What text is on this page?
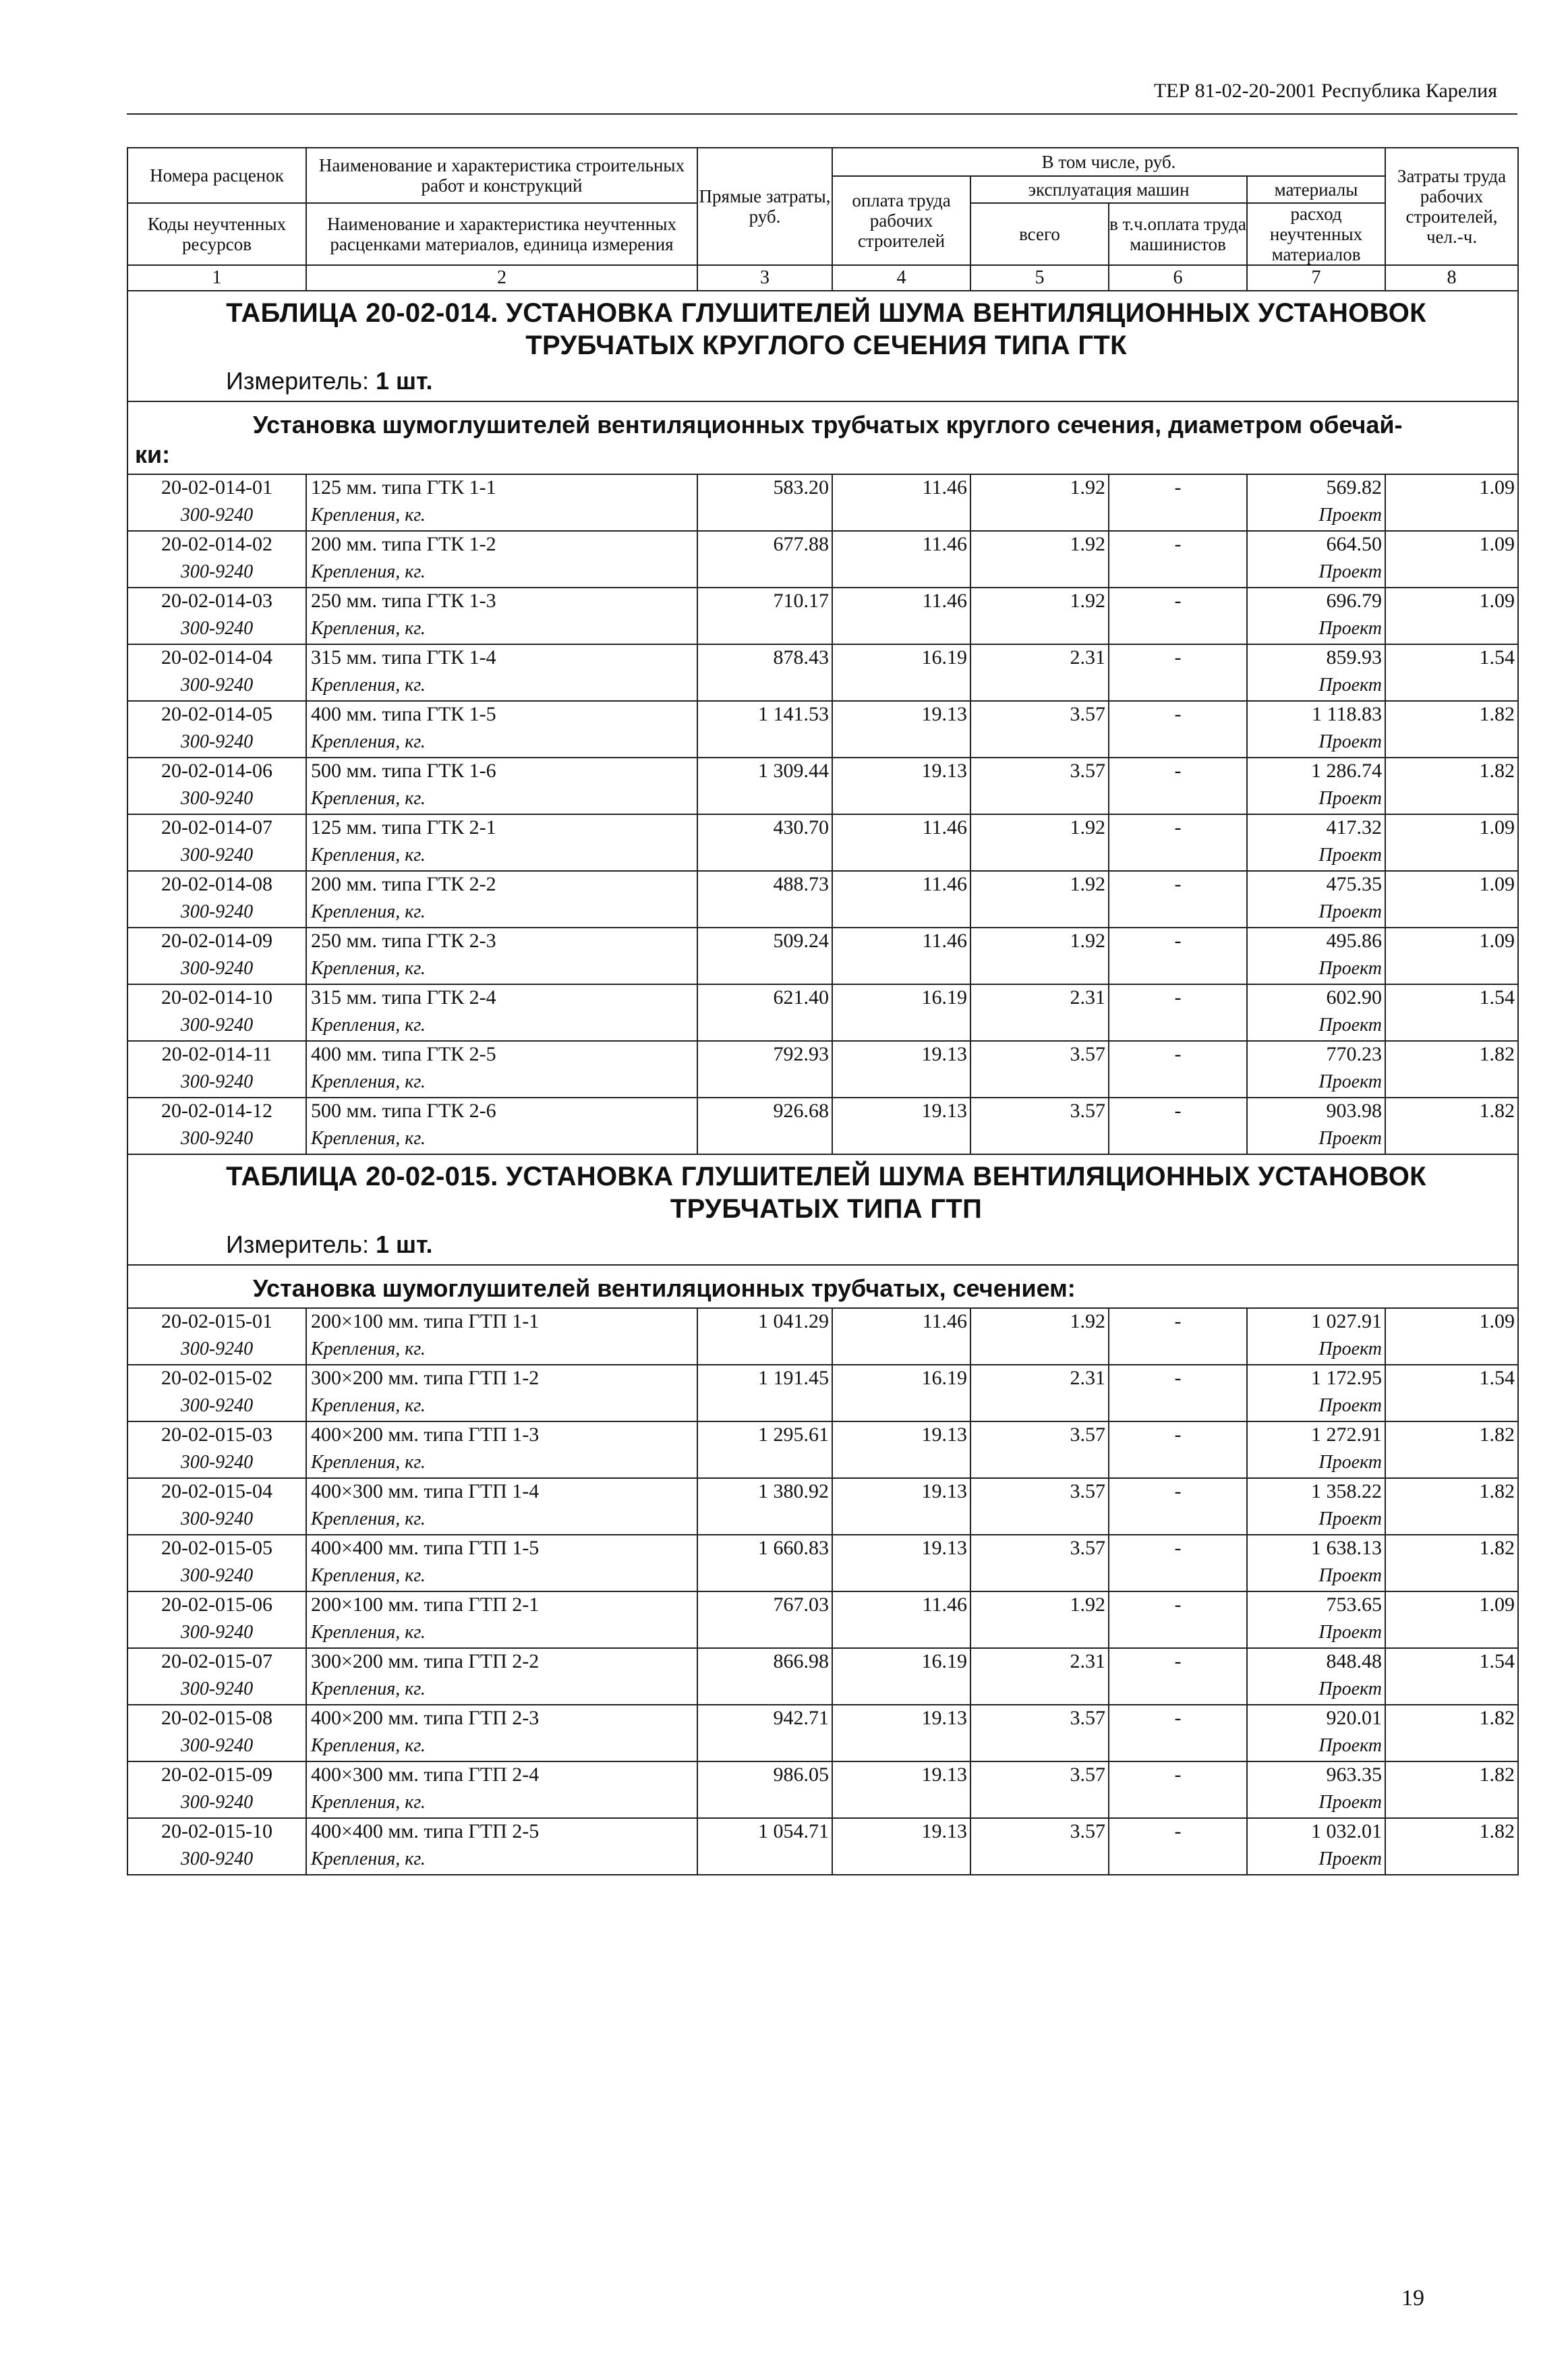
ТЕР 81-02-20-2001 Республика Карелия
Номера расценок	Наименование и характеристика строительных работ и конструкций	Прямые затраты, руб.	В том числе, руб.				Затраты труда рабочих строителей, чел.-ч.
			оплата труда рабочих строителей	эксплуатация машин		материалы	
Коды неучтенных ресурсов	Наименование и характеристика неучтенных расценками материалов, единица измерения			всего	в т.ч.оплата труда машинистов	расход неучтенных материалов	

1	2	3	4	5	6	7	8

ТАБЛИЦА 20-02-014. УСТАНОВКА ГЛУШИТЕЛЕЙ ШУМА ВЕНТИЛЯЦИОННЫХ УСТАНОВОК ТРУБЧАТЫХ КРУГЛОГО СЕЧЕНИЯ ТИПА ГТК
Измеритель: 1 шт.							

Установка шумоглушителей вентиляционных трубчатых круглого сечения, диаметром обечай-
ки:							

20-02-014-01	125 мм. типа ГТК 1-1	583.20	11.46	1.92	-	569.82	1.09
300-9240	Крепления, кг.					Проект	
20-02-014-02	200 мм. типа ГТК 1-2	677.88	11.46	1.92	-	664.50	1.09
300-9240	Крепления, кг.					Проект	
20-02-014-03	250 мм. типа ГТК 1-3	710.17	11.46	1.92	-	696.79	1.09
300-9240	Крепления, кг.					Проект	
20-02-014-04	315 мм. типа ГТК 1-4	878.43	16.19	2.31	-	859.93	1.54
300-9240	Крепления, кг.					Проект	
20-02-014-05	400 мм. типа ГТК 1-5	1 141.53	19.13	3.57	-	1 118.83	1.82
300-9240	Крепления, кг.					Проект	
20-02-014-06	500 мм. типа ГТК 1-6	1 309.44	19.13	3.57	-	1 286.74	1.82
300-9240	Крепления, кг.					Проект	
20-02-014-07	125 мм. типа ГТК 2-1	430.70	11.46	1.92	-	417.32	1.09
300-9240	Крепления, кг.					Проект	
20-02-014-08	200 мм. типа ГТК 2-2	488.73	11.46	1.92	-	475.35	1.09
300-9240	Крепления, кг.					Проект	
20-02-014-09	250 мм. типа ГТК 2-3	509.24	11.46	1.92	-	495.86	1.09
300-9240	Крепления, кг.					Проект	
20-02-014-10	315 мм. типа ГТК 2-4	621.40	16.19	2.31	-	602.90	1.54
300-9240	Крепления, кг.					Проект	
20-02-014-11	400 мм. типа ГТК 2-5	792.93	19.13	3.57	-	770.23	1.82
300-9240	Крепления, кг.					Проект	
20-02-014-12	500 мм. типа ГТК 2-6	926.68	19.13	3.57	-	903.98	1.82
300-9240	Крепления, кг.					Проект	

ТАБЛИЦА 20-02-015. УСТАНОВКА ГЛУШИТЕЛЕЙ ШУМА ВЕНТИЛЯЦИОННЫХ УСТАНОВОК ТРУБЧАТЫХ ТИПА ГТП
Измеритель: 1 шт.							

Установка шумоглушителей вентиляционных трубчатых, сечением:							

20-02-015-01	200×100 мм. типа ГТП 1-1	1 041.29	11.46	1.92	-	1 027.91	1.09
300-9240	Крепления, кг.					Проект	
20-02-015-02	300×200 мм. типа ГТП 1-2	1 191.45	16.19	2.31	-	1 172.95	1.54
300-9240	Крепления, кг.					Проект	
20-02-015-03	400×200 мм. типа ГТП 1-3	1 295.61	19.13	3.57	-	1 272.91	1.82
300-9240	Крепления, кг.					Проект	
20-02-015-04	400×300 мм. типа ГТП 1-4	1 380.92	19.13	3.57	-	1 358.22	1.82
300-9240	Крепления, кг.					Проект	
20-02-015-05	400×400 мм. типа ГТП 1-5	1 660.83	19.13	3.57	-	1 638.13	1.82
300-9240	Крепления, кг.					Проект	
20-02-015-06	200×100 мм. типа ГТП 2-1	767.03	11.46	1.92	-	753.65	1.09
300-9240	Крепления, кг.					Проект	
20-02-015-07	300×200 мм. типа ГТП 2-2	866.98	16.19	2.31	-	848.48	1.54
300-9240	Крепления, кг.					Проект	
20-02-015-08	400×200 мм. типа ГТП 2-3	942.71	19.13	3.57	-	920.01	1.82
300-9240	Крепления, кг.					Проект	
20-02-015-09	400×300 мм. типа ГТП 2-4	986.05	19.13	3.57	-	963.35	1.82
300-9240	Крепления, кг.					Проект	
20-02-015-10	400×400 мм. типа ГТП 2-5	1 054.71	19.13	3.57	-	1 032.01	1.82
300-9240	Крепления, кг.					Проект	
19
